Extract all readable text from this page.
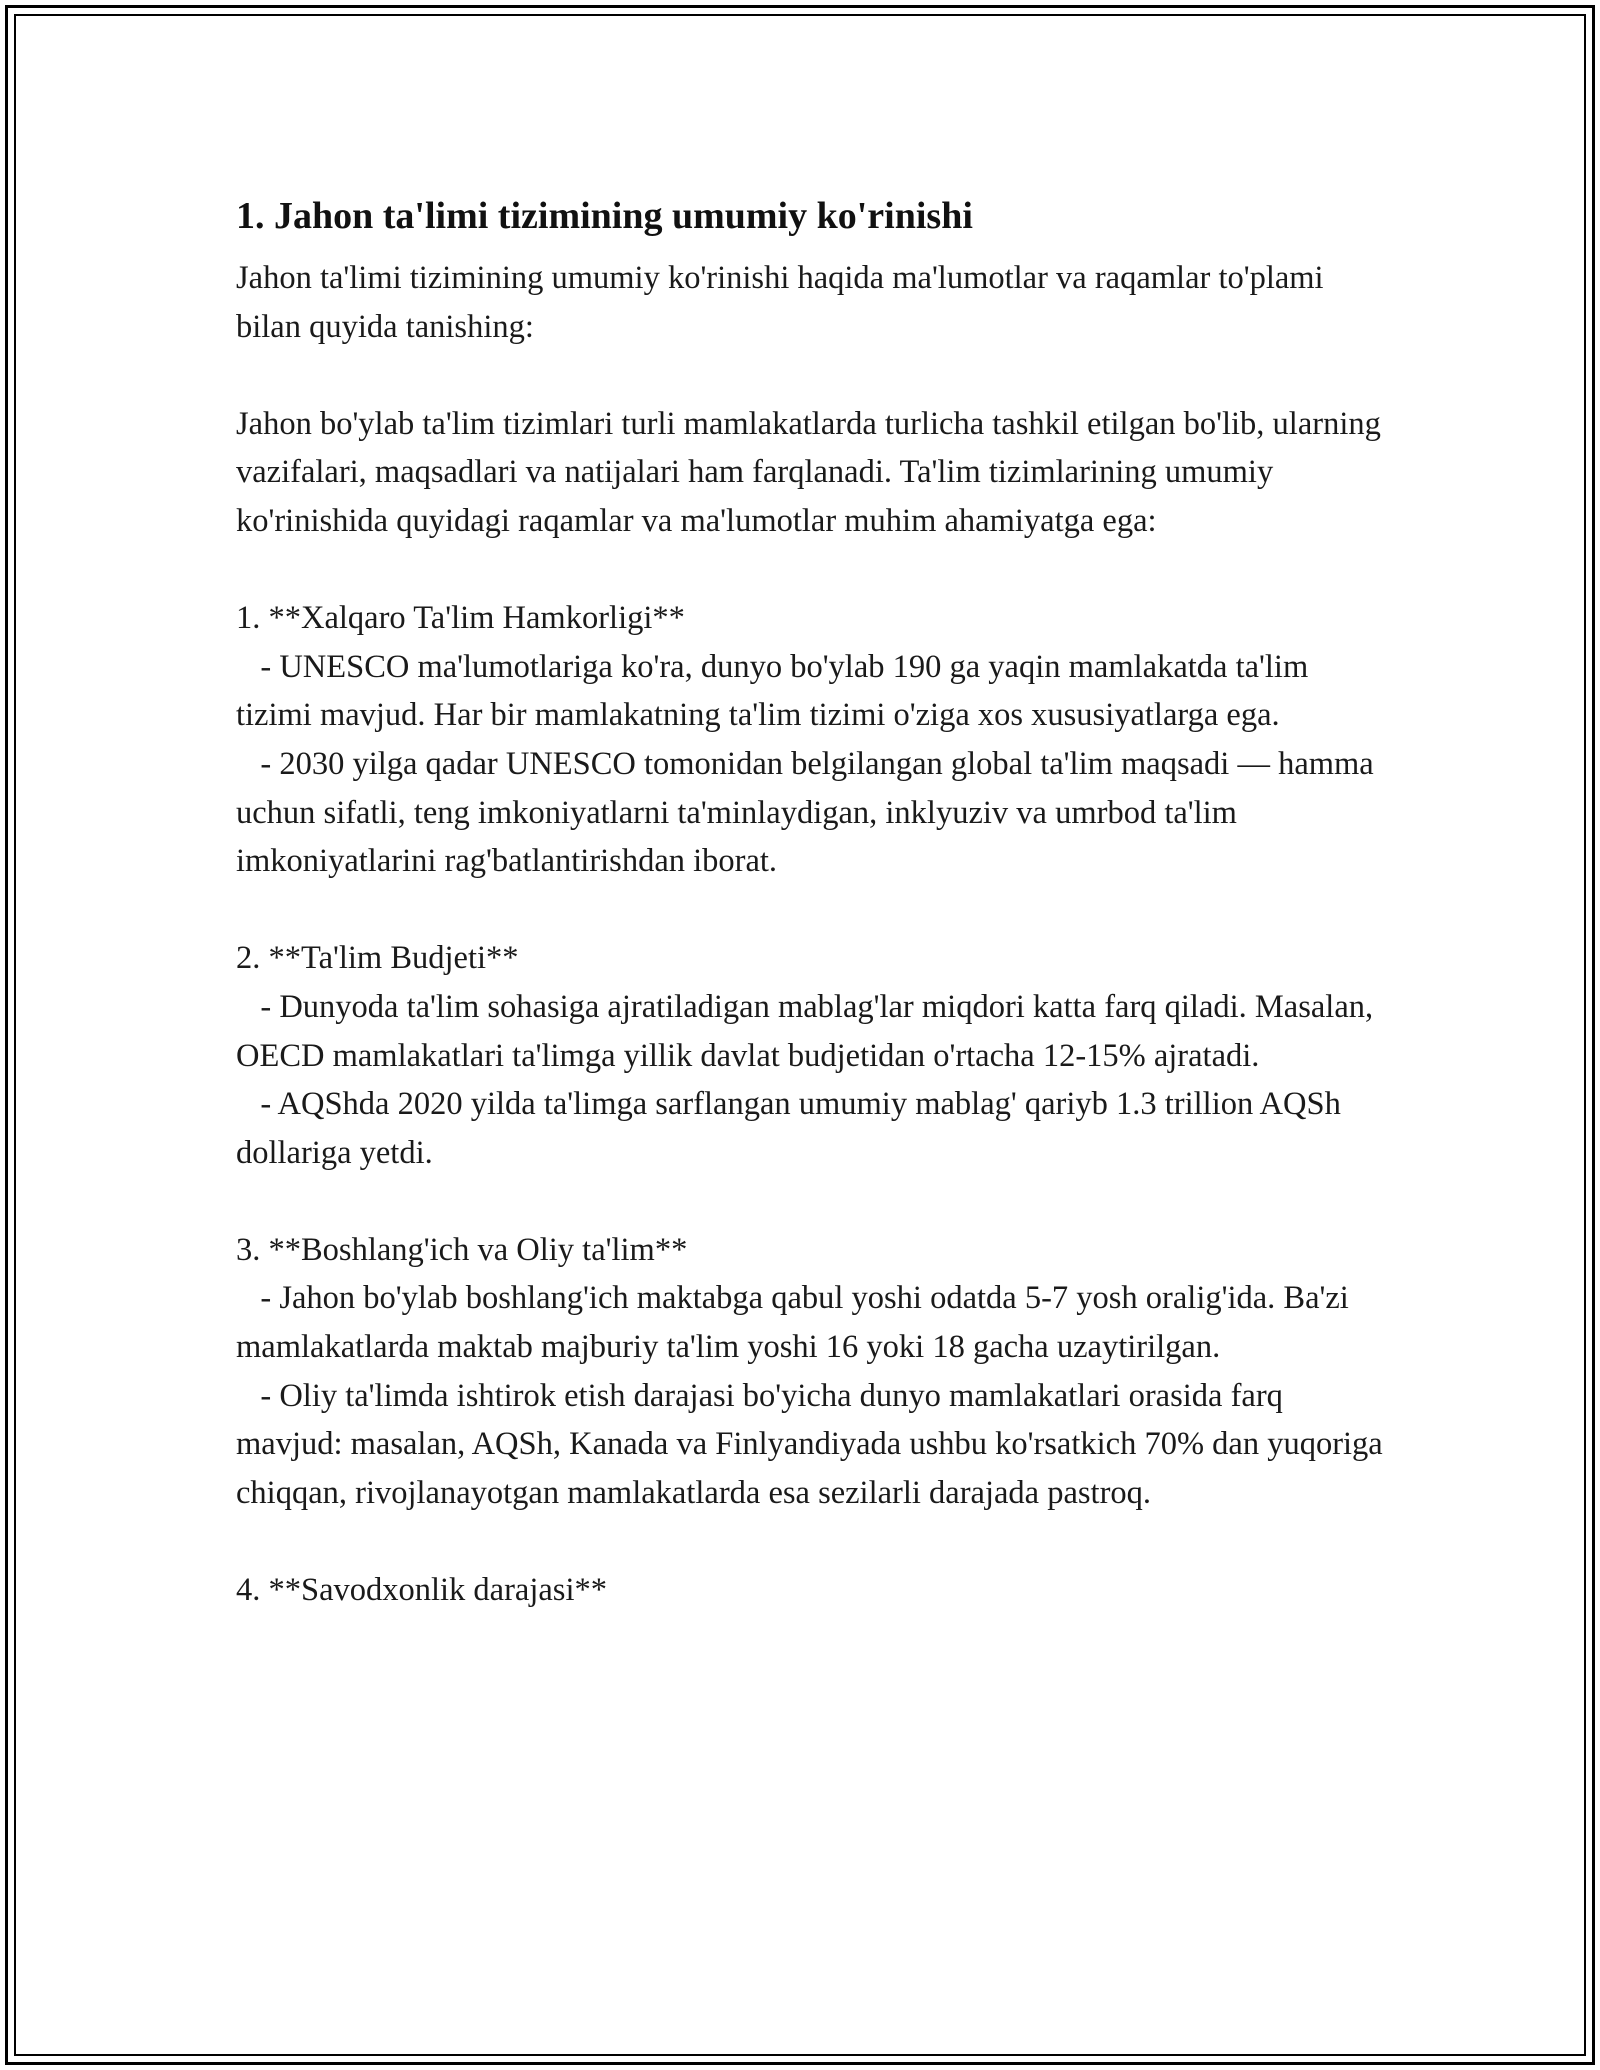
1. Jahon ta'limi tizimining umumiy ko'rinishi

Jahon ta'limi tizimining umumiy ko'rinishi haqida ma'lumotlar va raqamlar to'plami bilan quyida tanishing:

Jahon bo'ylab ta'lim tizimlari turli mamlakatlarda turlicha tashkil etilgan bo'lib, ularning vazifalari, maqsadlari va natijalari ham farqlanadi. Ta'lim tizimlarining umumiy ko'rinishida quyidagi raqamlar va ma'lumotlar muhim ahamiyatga ega:

1. **Xalqaro Ta'lim Hamkorligi**

- UNESCO ma'lumotlariga ko'ra, dunyo bo'ylab 190 ga yaqin mamlakatda ta'lim tizimi mavjud. Har bir mamlakatning ta'lim tizimi o'ziga xos xususiyatlarga ega.

- 2030 yilga qadar UNESCO tomonidan belgilangan global ta'lim maqsadi — hamma uchun sifatli, teng imkoniyatlarni ta'minlaydigan, inklyuziv va umrbod ta'lim imkoniyatlarini rag'batlantirishdan iborat.

2. **Ta'lim Budjeti**

- Dunyoda ta'lim sohasiga ajratiladigan mablag'lar miqdori katta farq qiladi. Masalan, OECD mamlakatlari ta'limga yillik davlat budjetidan o'rtacha 12-15% ajratadi.

- AQShda 2020 yilda ta'limga sarflangan umumiy mablag' qariyb 1.3 trillion AQSh dollariga yetdi.

3. **Boshlang'ich va Oliy ta'lim**

- Jahon bo'ylab boshlang'ich maktabga qabul yoshi odatda 5-7 yosh oralig'ida. Ba'zi mamlakatlarda maktab majburiy ta'lim yoshi 16 yoki 18 gacha uzaytirilgan.

- Oliy ta'limda ishtirok etish darajasi bo'yicha dunyo mamlakatlari orasida farq mavjud: masalan, AQSh, Kanada va Finlyandiyada ushbu ko'rsatkich 70% dan yuqoriga chiqqan, rivojlanayotgan mamlakatlarda esa sezilarli darajada pastroq.

4. **Savodxonlik darajasi**
